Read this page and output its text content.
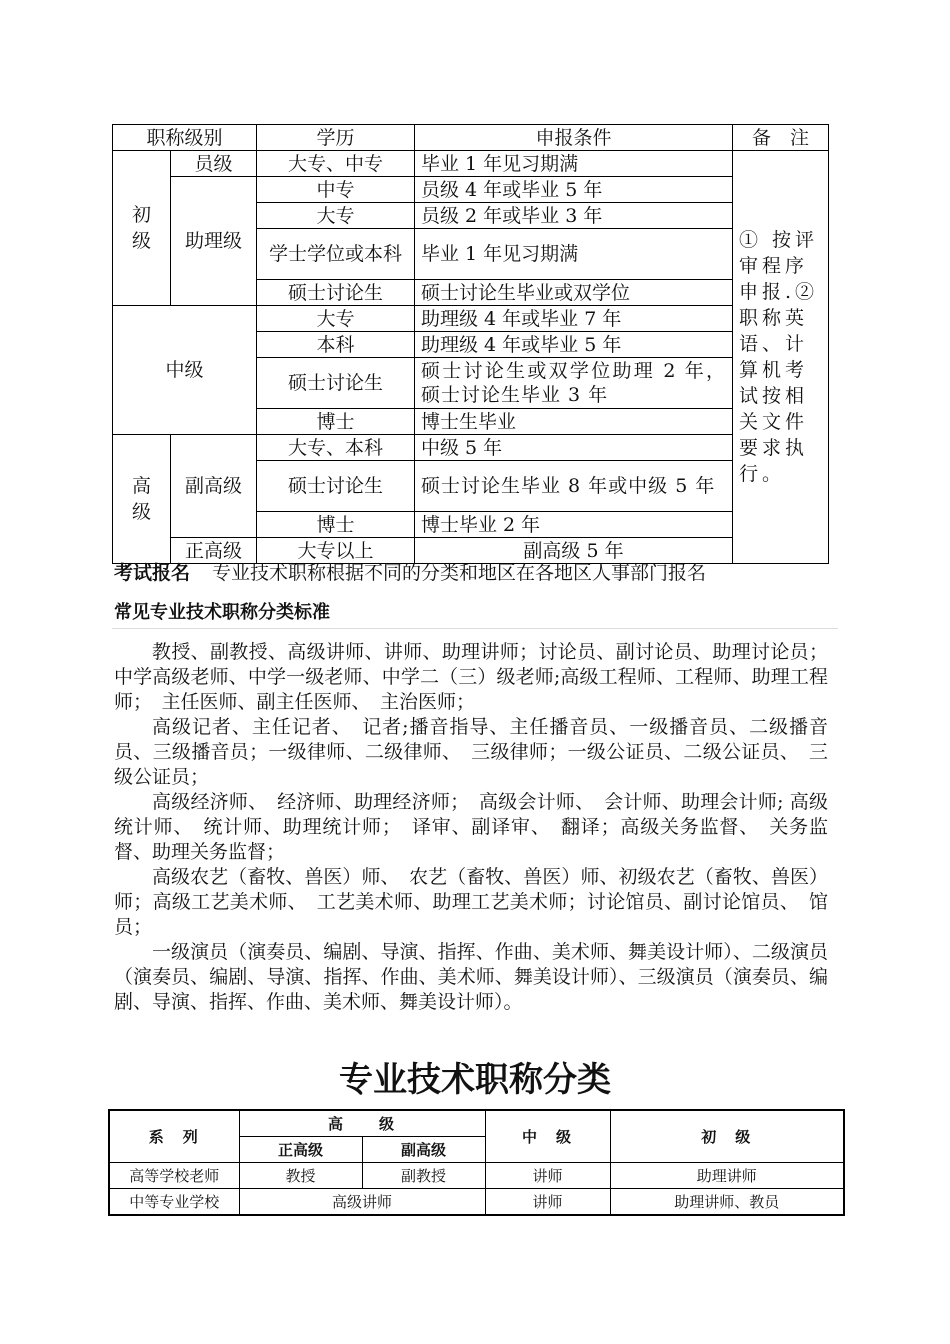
职称级别		学历	申报条件	备　注

初级	员级	大专、中专	毕业 1 年见习期满	① 按评审程序申报.② 职称英语、计算机考试按相关文件要求执行。
	助理级	中专	员级 4 年或毕业 5 年	
		大专	员级 2 年或毕业 3 年	
		学士学位或本科	毕业 1 年见习期满	

		硕士讨论生	硕士讨论生毕业或双学位	
中级		大专	助理级 4 年或毕业 7 年	
		本科	助理级 4 年或毕业 5 年	
		硕士讨论生	硕士讨论生或双学位助理 2 年，硕士讨论生毕业 3 年	
		博士	博士生毕业	

高级	副高级	大专、本科	中级 5 年	
		硕士讨论生	硕士讨论生毕业 8 年或中级 5 年	

		博士	博士毕业 2 年	
	正高级	大专以上	副高级 5 年	
考试报名 专业技术职称根据不同的分类和地区在各地区人事部门报名
常见专业技术职称分类标准

教授、副教授、高级讲师、讲师、助理讲师；讨论员、副讨论员、助理讨论员；中学高级老师、中学一级老师、中学二（三）级老师;高级工程师、工程师、助理工程师；　主任医师、副主任医师、　主治医师；

高级记者、主任记者、　记者;播音指导、主任播音员、一级播音员、二级播音员、三级播音员；一级律师、二级律师、　三级律师；一级公证员、二级公证员、　三级公证员；

高级经济师、　经济师、助理经济师；　高级会计师、　会计师、助理会计师; 高级统计师、　统计师、助理统计师；　译审、副译审、　翻译；高级关务监督、　关务监督、助理关务监督；

高级农艺（畜牧、兽医）师、　农艺（畜牧、兽医）师、初级农艺（畜牧、兽医）师；高级工艺美术师、　工艺美术师、助理工艺美术师；讨论馆员、副讨论馆员、　馆员；

一级演员（演奏员、编剧、导演、指挥、作曲、美术师、舞美设计师）、二级演员（演奏员、编剧、导演、指挥、作曲、美术师、舞美设计师）、三级演员（演奏员、编剧、导演、指挥、作曲、美术师、舞美设计师）。

专业技术职称分类
系　列	高　　级		中　级	初　级
	正高级	副高级		
高等学校老师	教授	副教授	讲师	助理讲师
中等专业学校	高级讲师		讲师	助理讲师、教员
